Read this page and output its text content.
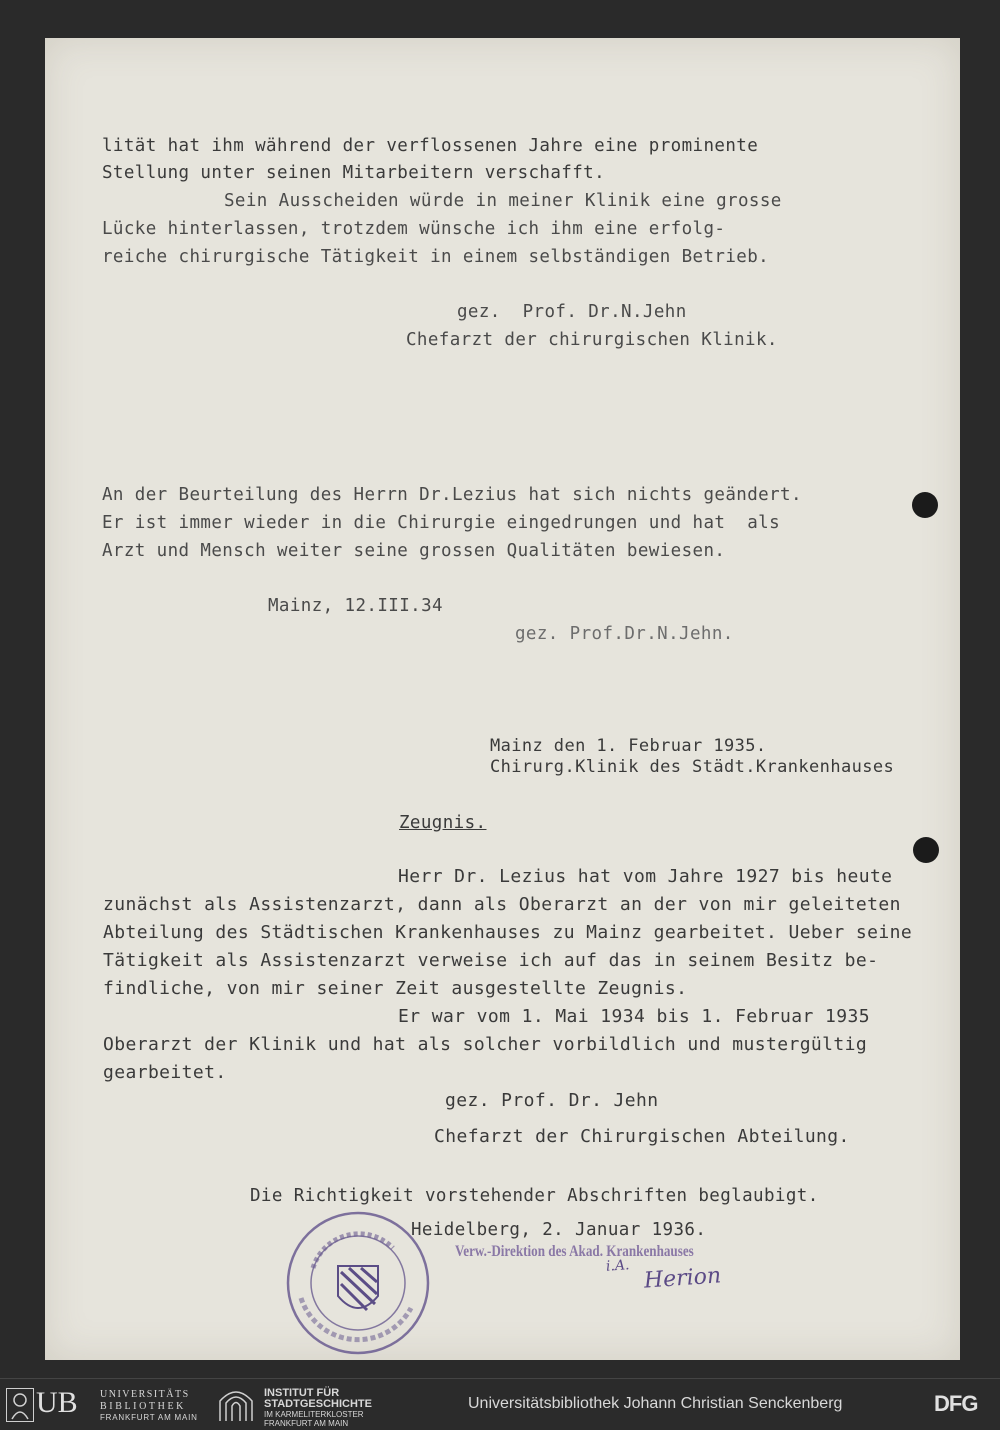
lität hat ihm während der verflossenen Jahre eine prominente
Stellung unter seinen Mitarbeitern verschafft.
Sein Ausscheiden würde in meiner Klinik eine grosse
Lücke hinterlassen, trotzdem wünsche ich ihm eine erfolg-
reiche chirurgische Tätigkeit in einem selbständigen Betrieb.
gez.  Prof. Dr.N.Jehn
Chefarzt der chirurgischen Klinik.
An der Beurteilung des Herrn Dr.Lezius hat sich nichts geändert.
Er ist immer wieder in die Chirurgie eingedrungen und hat  als
Arzt und Mensch weiter seine grossen Qualitäten bewiesen.
Mainz, 12.III.34
gez. Prof.Dr.N.Jehn.
Mainz den 1. Februar 1935.
Chirurg.Klinik des Städt.Krankenhauses
Zeugnis.
Herr Dr. Lezius hat vom Jahre 1927 bis heute
zunächst als Assistenzarzt, dann als Oberarzt an der von mir geleiteten
Abteilung des Städtischen Krankenhauses zu Mainz gearbeitet. Ueber seine
Tätigkeit als Assistenzarzt verweise ich auf das in seinem Besitz be-
findliche, von mir seiner Zeit ausgestellte Zeugnis.
Er war vom 1. Mai 1934 bis 1. Februar 1935
Oberarzt der Klinik und hat als solcher vorbildlich und mustergültig
gearbeitet.
gez. Prof. Dr. Jehn
Chefarzt der Chirurgischen Abteilung.
Die Richtigkeit vorstehender Abschriften beglaubigt.
Heidelberg, 2. Januar 1936.
Verw.-Direktion des Akad. Krankenhauses
Herion
i.A.
UB UNIVERSITÄTS
BIBLIOTHEK
FRANKFURT AM MAIN
INSTITUT FÜR
STADTGESCHICHTE
IM KARMELITERKLOSTER
FRANKFURT AM MAIN
Universitätsbibliothek Johann Christian Senckenberg	DFG
